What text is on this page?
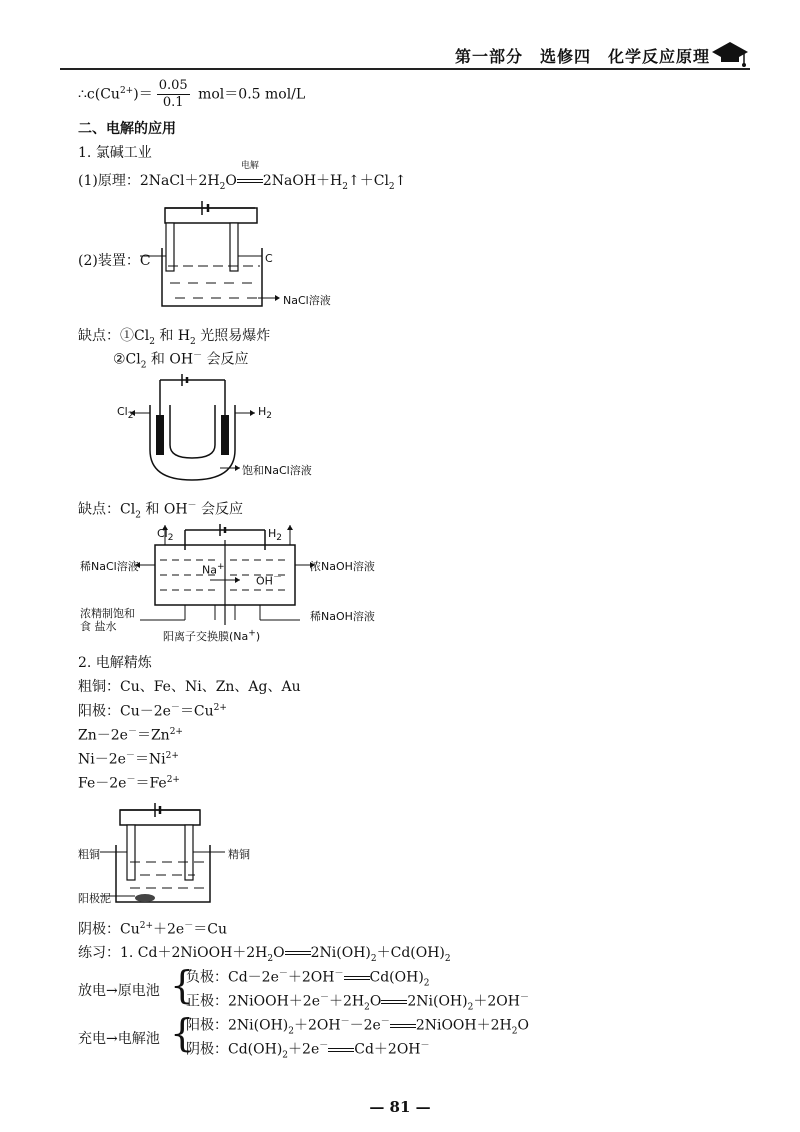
第一部分　选修四　化学反应原理
$\therefore c(Cu^{2+})= \frac{0.05}{0.1} mol=0.5$ mol/L
二、电解的应用
1. 氯碱工业
(1)原理：$2NaCl+2H_2O$
电解
$2NaOH+H_2↑+Cl_2↑$
(2)装置：C	C
NaCl溶液
缺点：$①Cl_2$ 和 $H_2$ 光照易爆炸
$②Cl_2$ 和 OH－ 会反应
$Cl_2$	$H_2$
饱和NaCl溶液
缺点：$Cl_2$ 和 OH－ 会反应
$Cl_2$	$H_2$
稀NaCl溶液	浓NaOH溶液
Na+
OH－
浓精制饱和
食 盐水
稀NaOH溶液
阳离子交换膜(Na+)
2. 电解精炼
粗铜：Cu、Fe、Ni、Zn、Ag、Au
阳极：$Cu-2e^-=Cu^{2+}$
$Zn-2e^-=Zn^{2+}$
$Ni-2e^-=Ni^{2+}$
$Fe-2e^-=Fe^{2+}$
粗铜	精铜
阳极泥
阴极：$Cu^{2+}+2e^-=Cu$
练习：1. $Cd+2NiOOH+2H_2O$ $2Ni(OH)_2+Cd(OH)_2$
放电→原电池 {
负极：Cd－2e－＋2OH－ $Cd(OH)_2$
正极：$2NiOOH+2e^-+2H_2O$ $2Ni(OH)_2+2OH^-$
充电→电解池 {
阳极：$2Ni(OH)_2+2OH^--2e^-$ $2NiOOH+2H_2O$
阴极：$Cd(OH)_2+2e^-$ Cd＋2OH－
— 81 —
